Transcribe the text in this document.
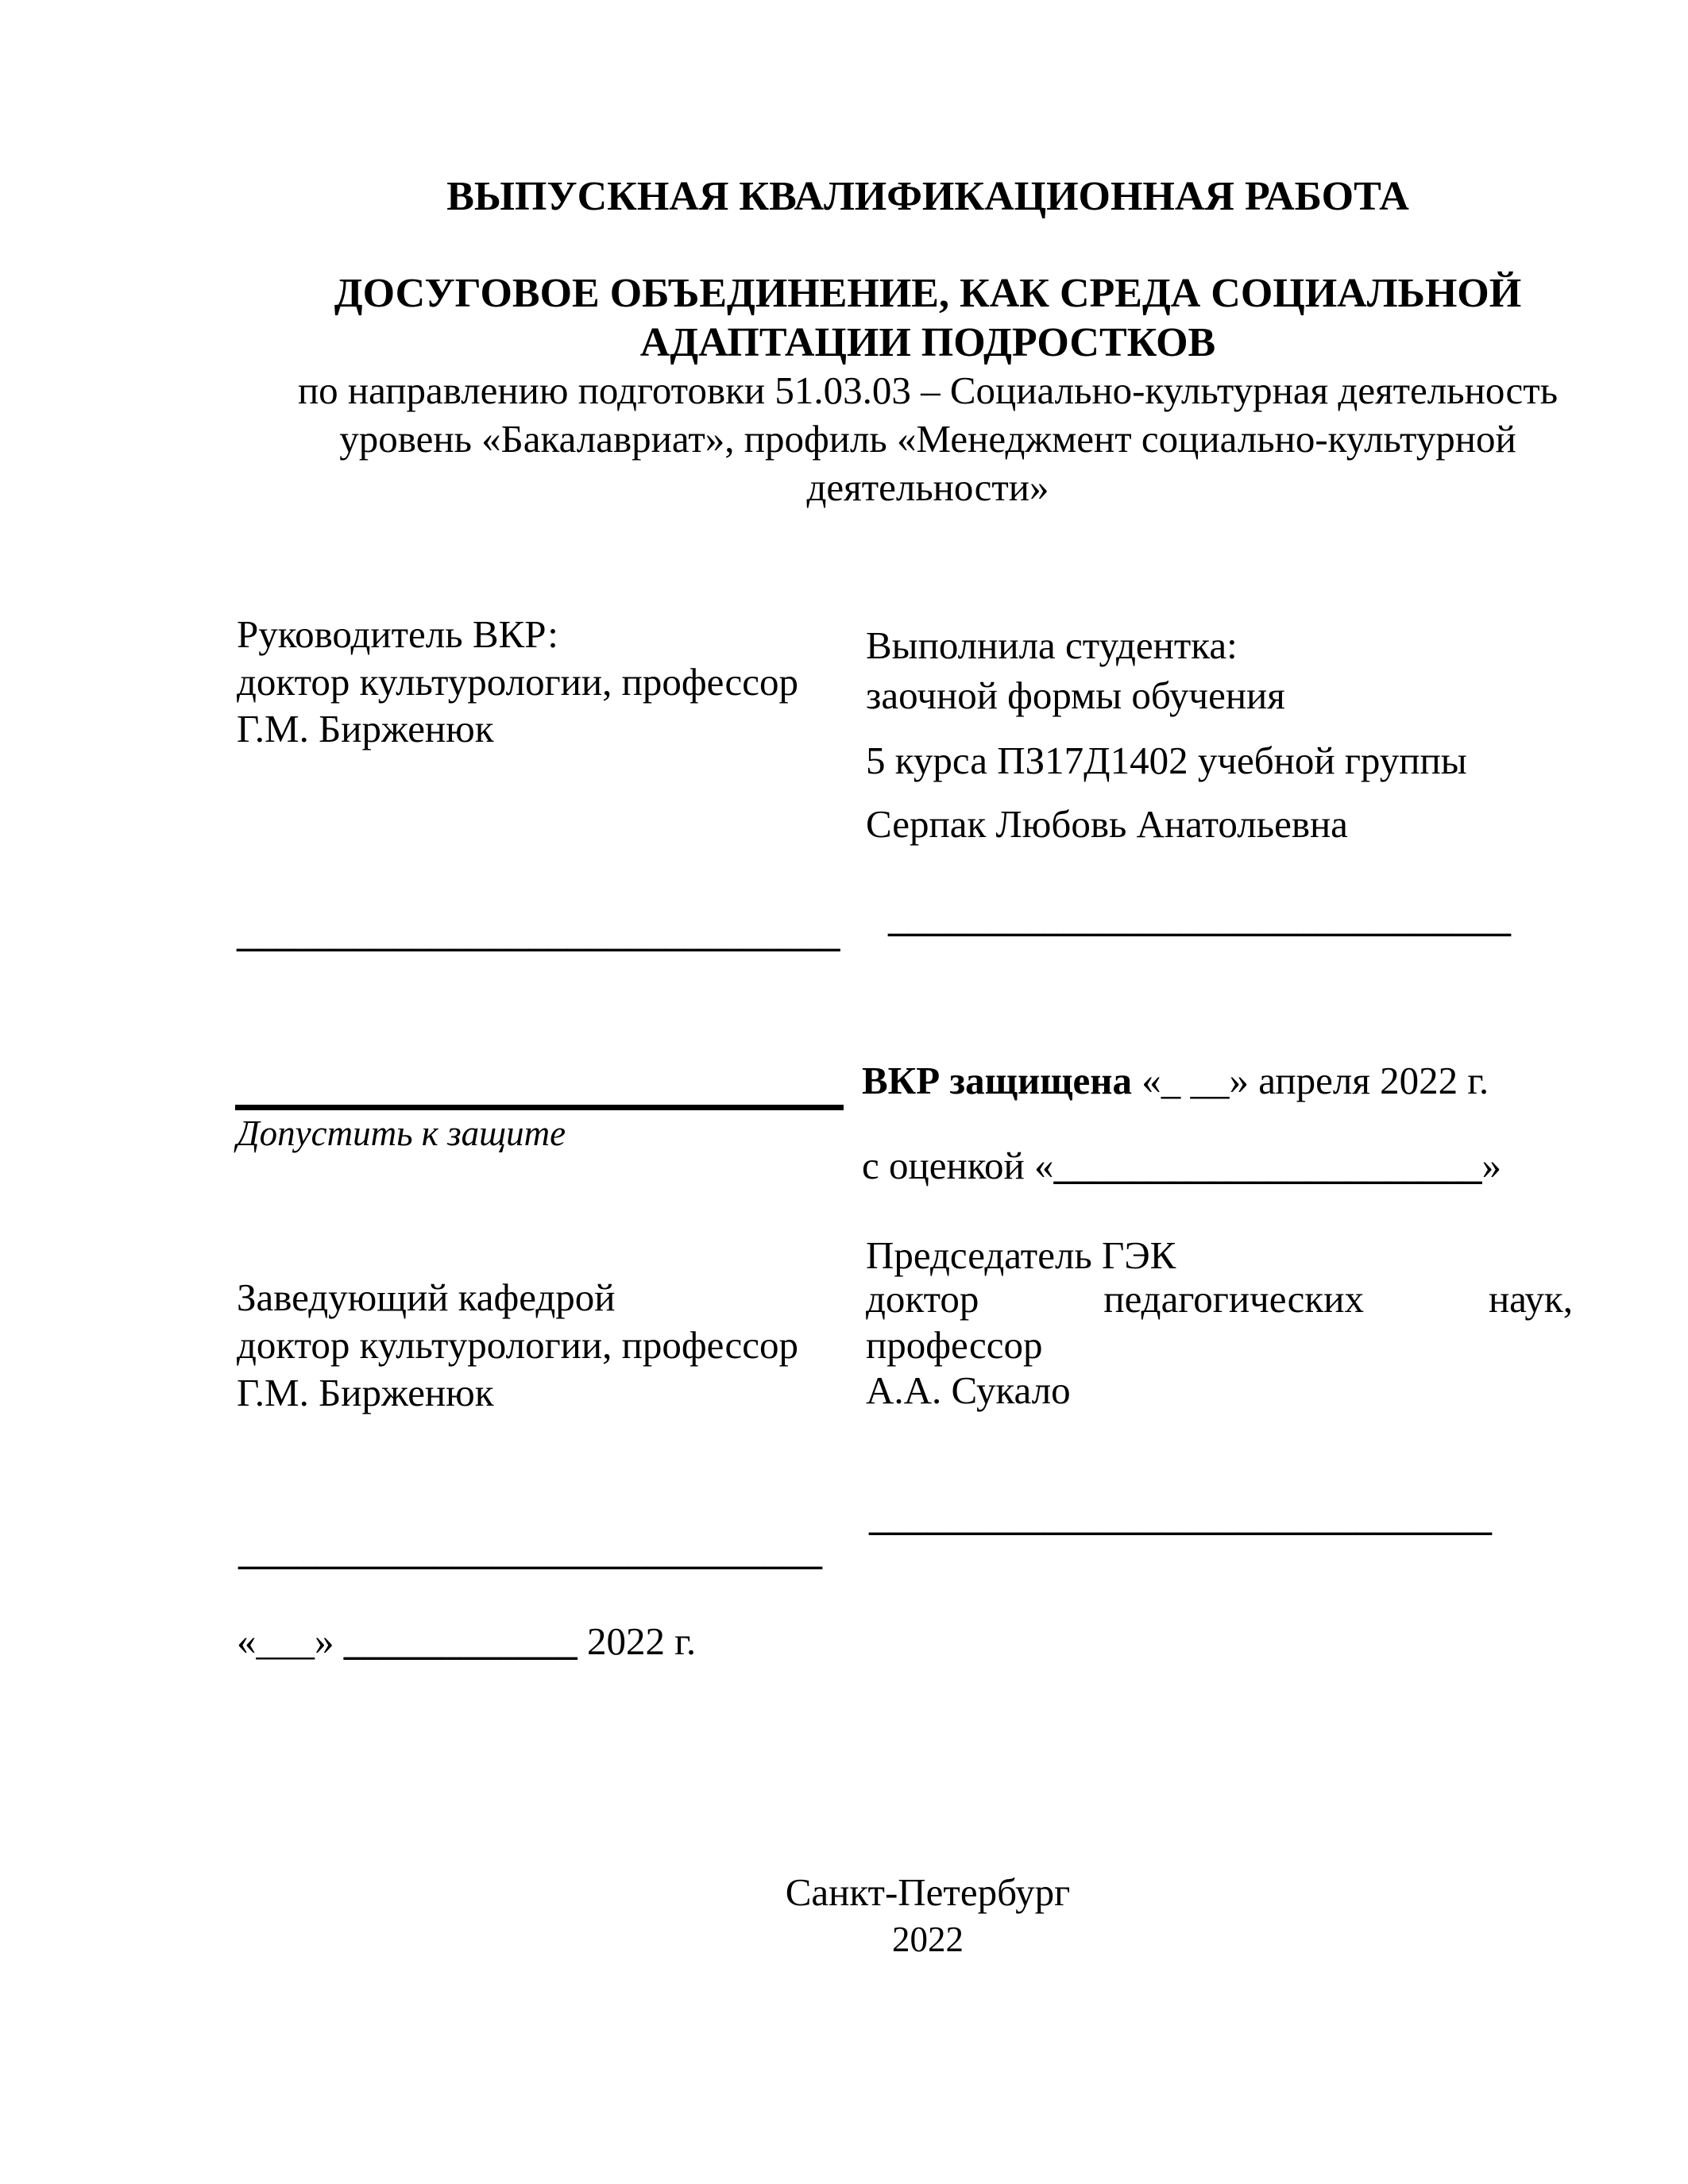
ВЫПУСКНАЯ КВАЛИФИКАЦИОННАЯ РАБОТА
ДОСУГОВОЕ ОБЪЕДИНЕНИЕ, КАК СРЕДА СОЦИАЛЬНОЙ
АДАПТАЦИИ ПОДРОСТКОВ
по направлению подготовки 51.03.03 – Социально-культурная деятельность
уровень «Бакалавриат», профиль «Менеджмент социально-культурной
деятельности»
Руководитель ВКР:
доктор культурологии, профессор
Г.М. Бирженюк
Выполнила студентка:
заочной формы обучения
5 курса ПЗ17Д1402 учебной группы
Серпак Любовь Анатольевна
________________________________
_______________________________
ВКР защищена «_ __» апреля 2022 г.
Допустить к защите
с оценкой «______________________»
Председатель ГЭК
доктор	педагогических	наук,
профессор
А.А. Сукало
Заведующий кафедрой
доктор культурологии, профессор
Г.М. Бирженюк
________________________________
______________________________
«___» ____________ 2022 г.
Санкт-Петербург
2022
